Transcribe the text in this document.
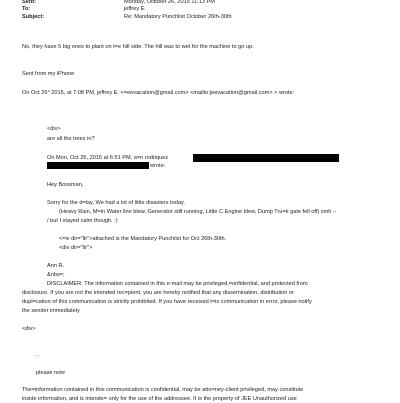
Sent:	Monday, October 26, 2015 11:13 PM
To:	jeffrey E.
Subject:	Re: Mandatory Punchlist October 26th-30th
No, they have 5 big ones to plant on t=e hill side. The hill was to wet for the machine to go up.
Sent from my iPhone
On Oct 26° 2015, at 7:08 PM, jeffrey E. <=eevacation@gmail.com> <mailto:jeevacation@gmail.com> > wrote:
<div>
are all the trees in?
On Mon, Oct 26, 2015 at 6:51 PM, a=n rodriquez
wrote:
Hey Bossman,
Sorry for the d=lay, We had a lot of little disasters today.
(Heavy Rain, M=in Water line blew, Generator still running, Little C Engine blew, Dump Tru=k gate fell off) smh :-
/ but I stayed calm though. :)
<=iv dir="ltr">attached is the Mandatory Punchlist for Oct 26th-30th.
<div dir="ltr">
Ann R.
&nbs=;
DISCLAIMER: The information contained in this e-mail may be privileged,=onfidential, and protected from
disclosure. If you are not the intended rec=pient, you are hereby notified that any dissemination, distribution or
dupl=cation of this communication is strictly prohibited. If you have received t=is communication in error, please notify
the sender immediately
<div>
..
please note
The=information contained in this communication is confidential, may be atto=ney-client privileged, may constitute
inside information, and is intende= only for the use of the addressee. It is the property of JEE Unauthorized use
